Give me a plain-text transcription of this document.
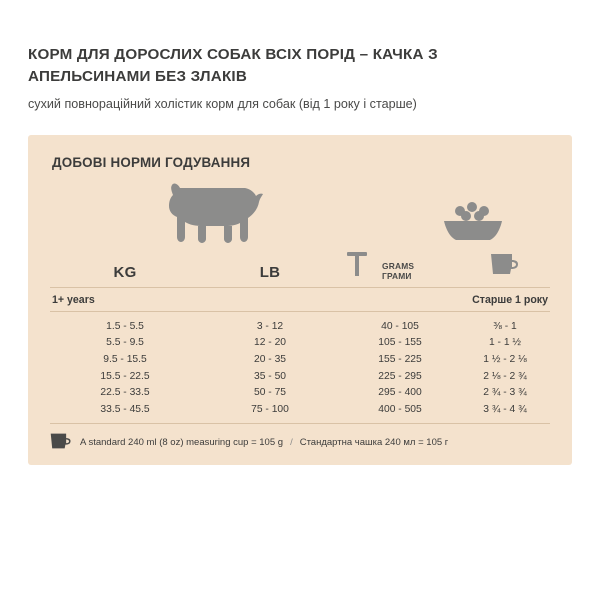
КОРМ ДЛЯ ДОРОСЛИХ СОБАК ВСІХ ПОРІД – КАЧКА З АПЕЛЬСИНАМИ БЕЗ ЗЛАКІВ
сухий повнораційний холістик корм для собак (від 1 року і старше)
ДОБОВІ НОРМИ ГОДУВАННЯ
KG	LB	GRAMS
ГРАМИ
1+ years	Старше 1 року
1.5 - 5.5	3 - 12	40 - 105	⅜ - 1
5.5 - 9.5	12 - 20	105 - 155	1 - 1 ½
9.5 - 15.5	20 - 35	155 - 225	1 ½ - 2 ⅛
15.5 - 22.5	35 - 50	225 - 295	2 ⅛ - 2 ¾
22.5 - 33.5	50 - 75	295 - 400	2 ¾ - 3 ¾
33.5 - 45.5	75 - 100	400 - 505	3 ¾ - 4 ¾
A standard 240 ml (8 oz) measuring cup = 105 g / Стандартна чашка 240 мл = 105 г
